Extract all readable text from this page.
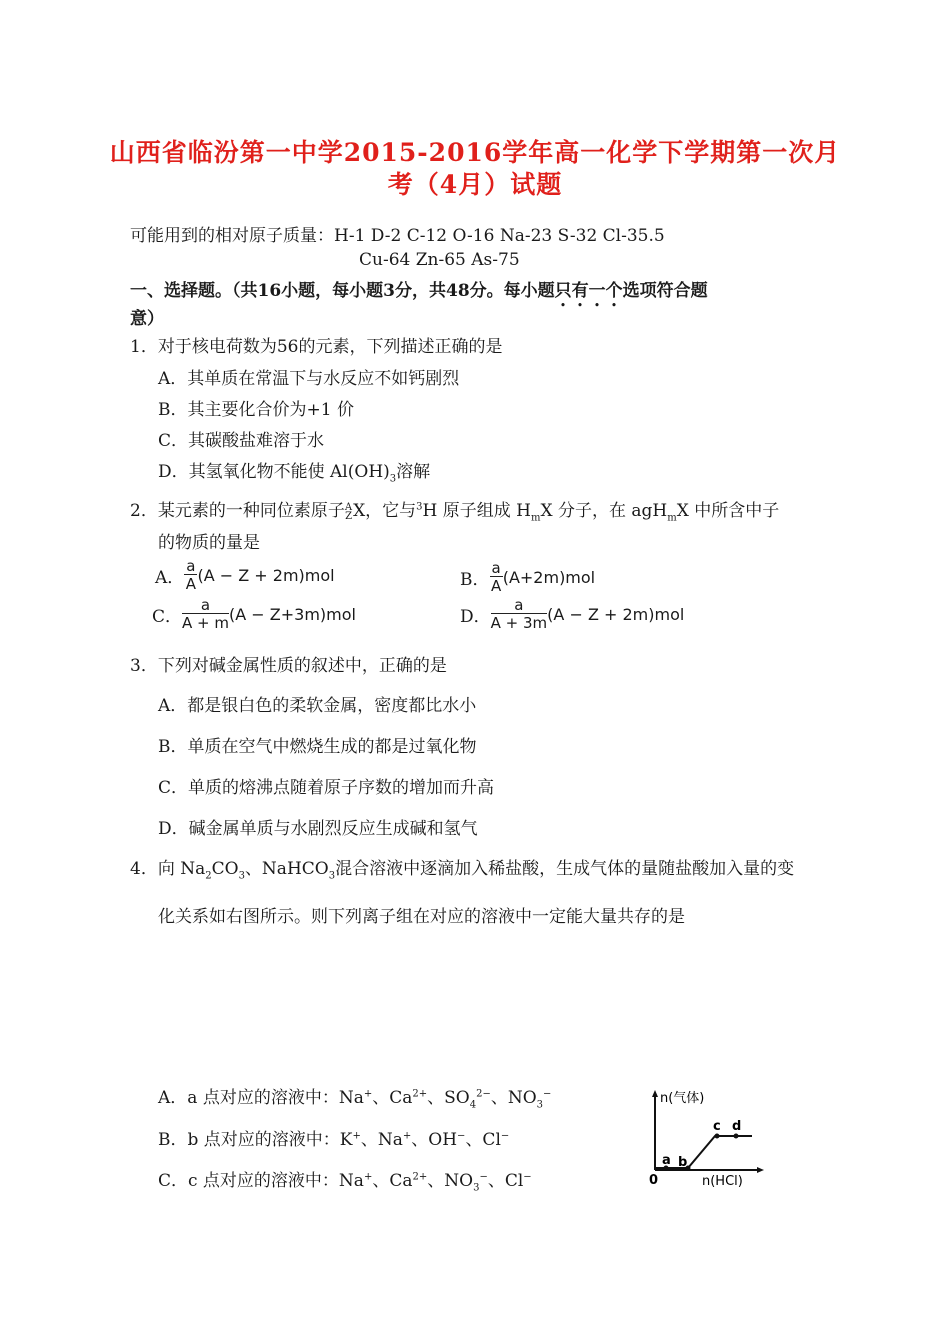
山西省临汾第一中学2015-2016学年高一化学下学期第一次月
考（4月）试题
可能用到的相对原子质量：H-1 D-2 C-12 O-16 Na-23 S-32 Cl-35.5
Cu-64 Zn-65 As-75
一、选择题。（共16小题，每小题3分，共48分。每小题只有一个选项符合题
意）
1．对于核电荷数为56的元素，下列描述正确的是
A．其单质在常温下与水反应不如钙剧烈
B．其主要化合价为+1 价
C．其碳酸盐难溶于水
D．其氢氧化物不能使 $Al(OH)_3$溶解
2．某元素的一种同位素原子 A
Z X，它与$^3$H 原子组成 $H_mX$ 分子，在 agH$_m$X 中所含中子
的物质的量是
A． $\frac{a}{A} (A - Z + 2m)mol$	B． $\frac{a}{A} (A+2m)mol$
C． $\frac{a}{A + m} (A - Z+3m)mol$	D． $\frac{a}{A + 3m} (A - Z + 2m)mol$
3．下列对碱金属性质的叙述中，正确的是
A．都是银白色的柔软金属，密度都比水小
B．单质在空气中燃烧生成的都是过氧化物
C．单质的熔沸点随着原子序数的增加而升高
D．碱金属单质与水剧烈反应生成碱和氢气
4．向 $Na_2CO_3$、NaHCO$_3$混合溶液中逐滴加入稀盐酸，生成气体的量随盐酸加入量的变
化关系如右图所示。则下列离子组在对应的溶液中一定能大量共存的是
A．a 点对应的溶液中：Na+、$Ca^{2+}$、$SO_4^{2-}$、$NO_3^-$
B．b 点对应的溶液中：K+、Na+、OH−、Cl−
C．c 点对应的溶液中：Na+、$Ca^{2+}$、$NO_3^-$、Cl−
n(气体)
n(HCl)
0
a b
c d
